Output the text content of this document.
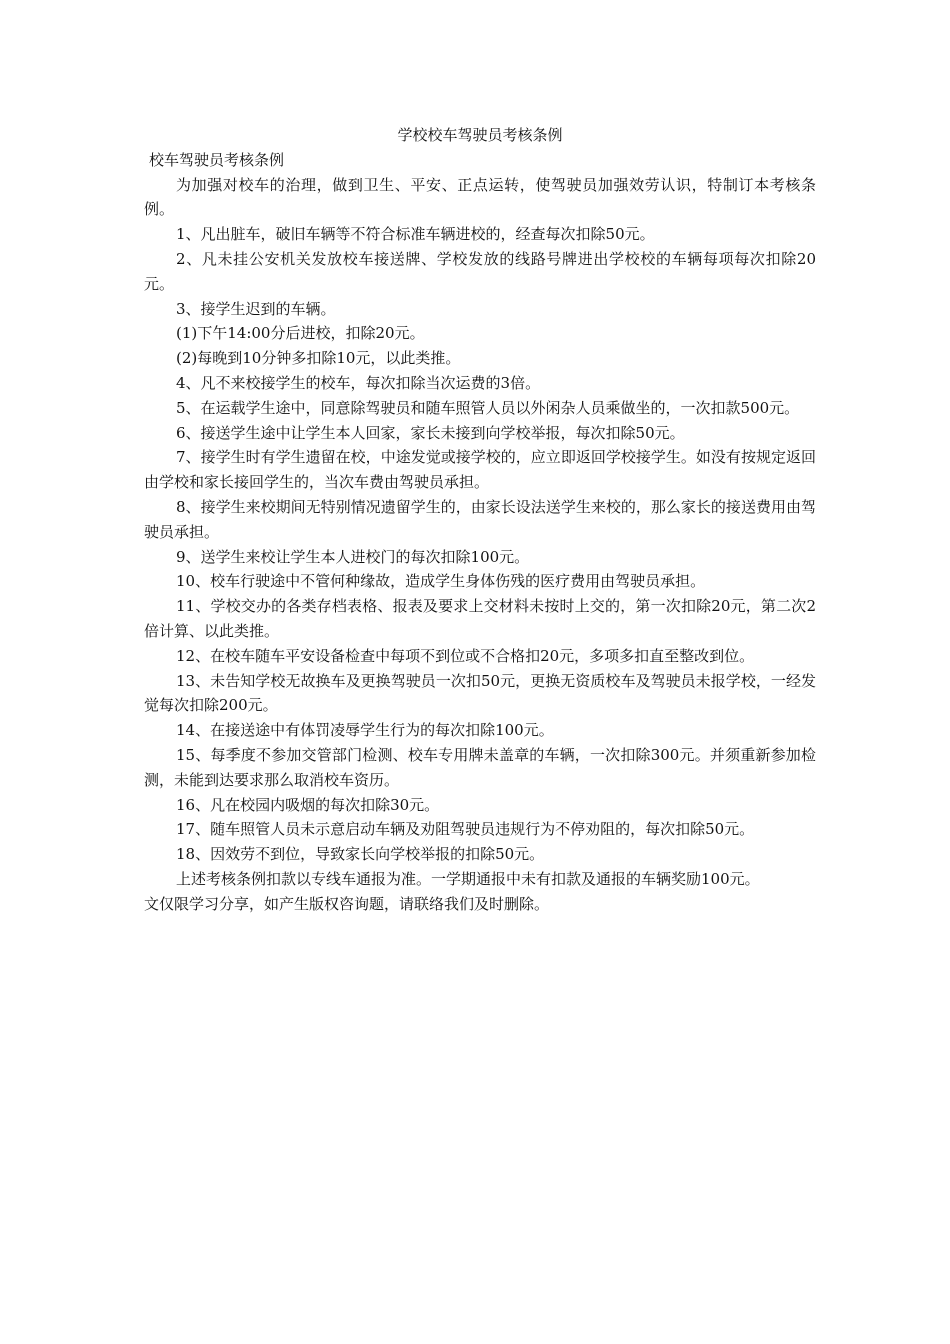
学校校车驾驶员考核条例

校车驾驶员考核条例

为加强对校车的治理，做到卫生、平安、正点运转，使驾驶员加强效劳认识，特制订本考核条例。

1、凡出脏车，破旧车辆等不符合标准车辆进校的，经查每次扣除50元。
2、凡未挂公安机关发放校车接送牌、学校发放的线路号牌进出学校校的车辆每项每次扣除20元。
3、接学生迟到的车辆。
(1)下午14:00分后进校，扣除20元。
(2)每晚到10分钟多扣除10元，以此类推。
4、凡不来校接学生的校车，每次扣除当次运费的3倍。
5、在运载学生途中，同意除驾驶员和随车照管人员以外闲杂人员乘做坐的，一次扣款500元。
6、接送学生途中让学生本人回家，家长未接到向学校举报，每次扣除50元。
7、接学生时有学生遗留在校，中途发觉或接学校的，应立即返回学校接学生。如没有按规定返回由学校和家长接回学生的，当次车费由驾驶员承担。
8、接学生来校期间无特别情况遗留学生的，由家长设法送学生来校的，那么家长的接送费用由驾驶员承担。
9、送学生来校让学生本人进校门的每次扣除100元。
10、校车行驶途中不管何种缘故，造成学生身体伤残的医疗费用由驾驶员承担。
11、学校交办的各类存档表格、报表及要求上交材料未按时上交的，第一次扣除20元，第二次2倍计算、以此类推。
12、在校车随车平安设备检查中每项不到位或不合格扣20元，多项多扣直至整改到位。
13、未告知学校无故换车及更换驾驶员一次扣50元，更换无资质校车及驾驶员未报学校，一经发觉每次扣除200元。
14、在接送途中有体罚凌辱学生行为的每次扣除100元。
15、每季度不参加交管部门检测、校车专用牌未盖章的车辆，一次扣除300元。并须重新参加检测，未能到达要求那么取消校车资历。
16、凡在校园内吸烟的每次扣除30元。
17、随车照管人员未示意启动车辆及劝阻驾驶员违规行为不停劝阻的，每次扣除50元。
18、因效劳不到位，导致家长向学校举报的扣除50元。

上述考核条例扣款以专线车通报为准。一学期通报中未有扣款及通报的车辆奖励100元。

文仅限学习分享，如产生版权咨询题，请联络我们及时删除。
